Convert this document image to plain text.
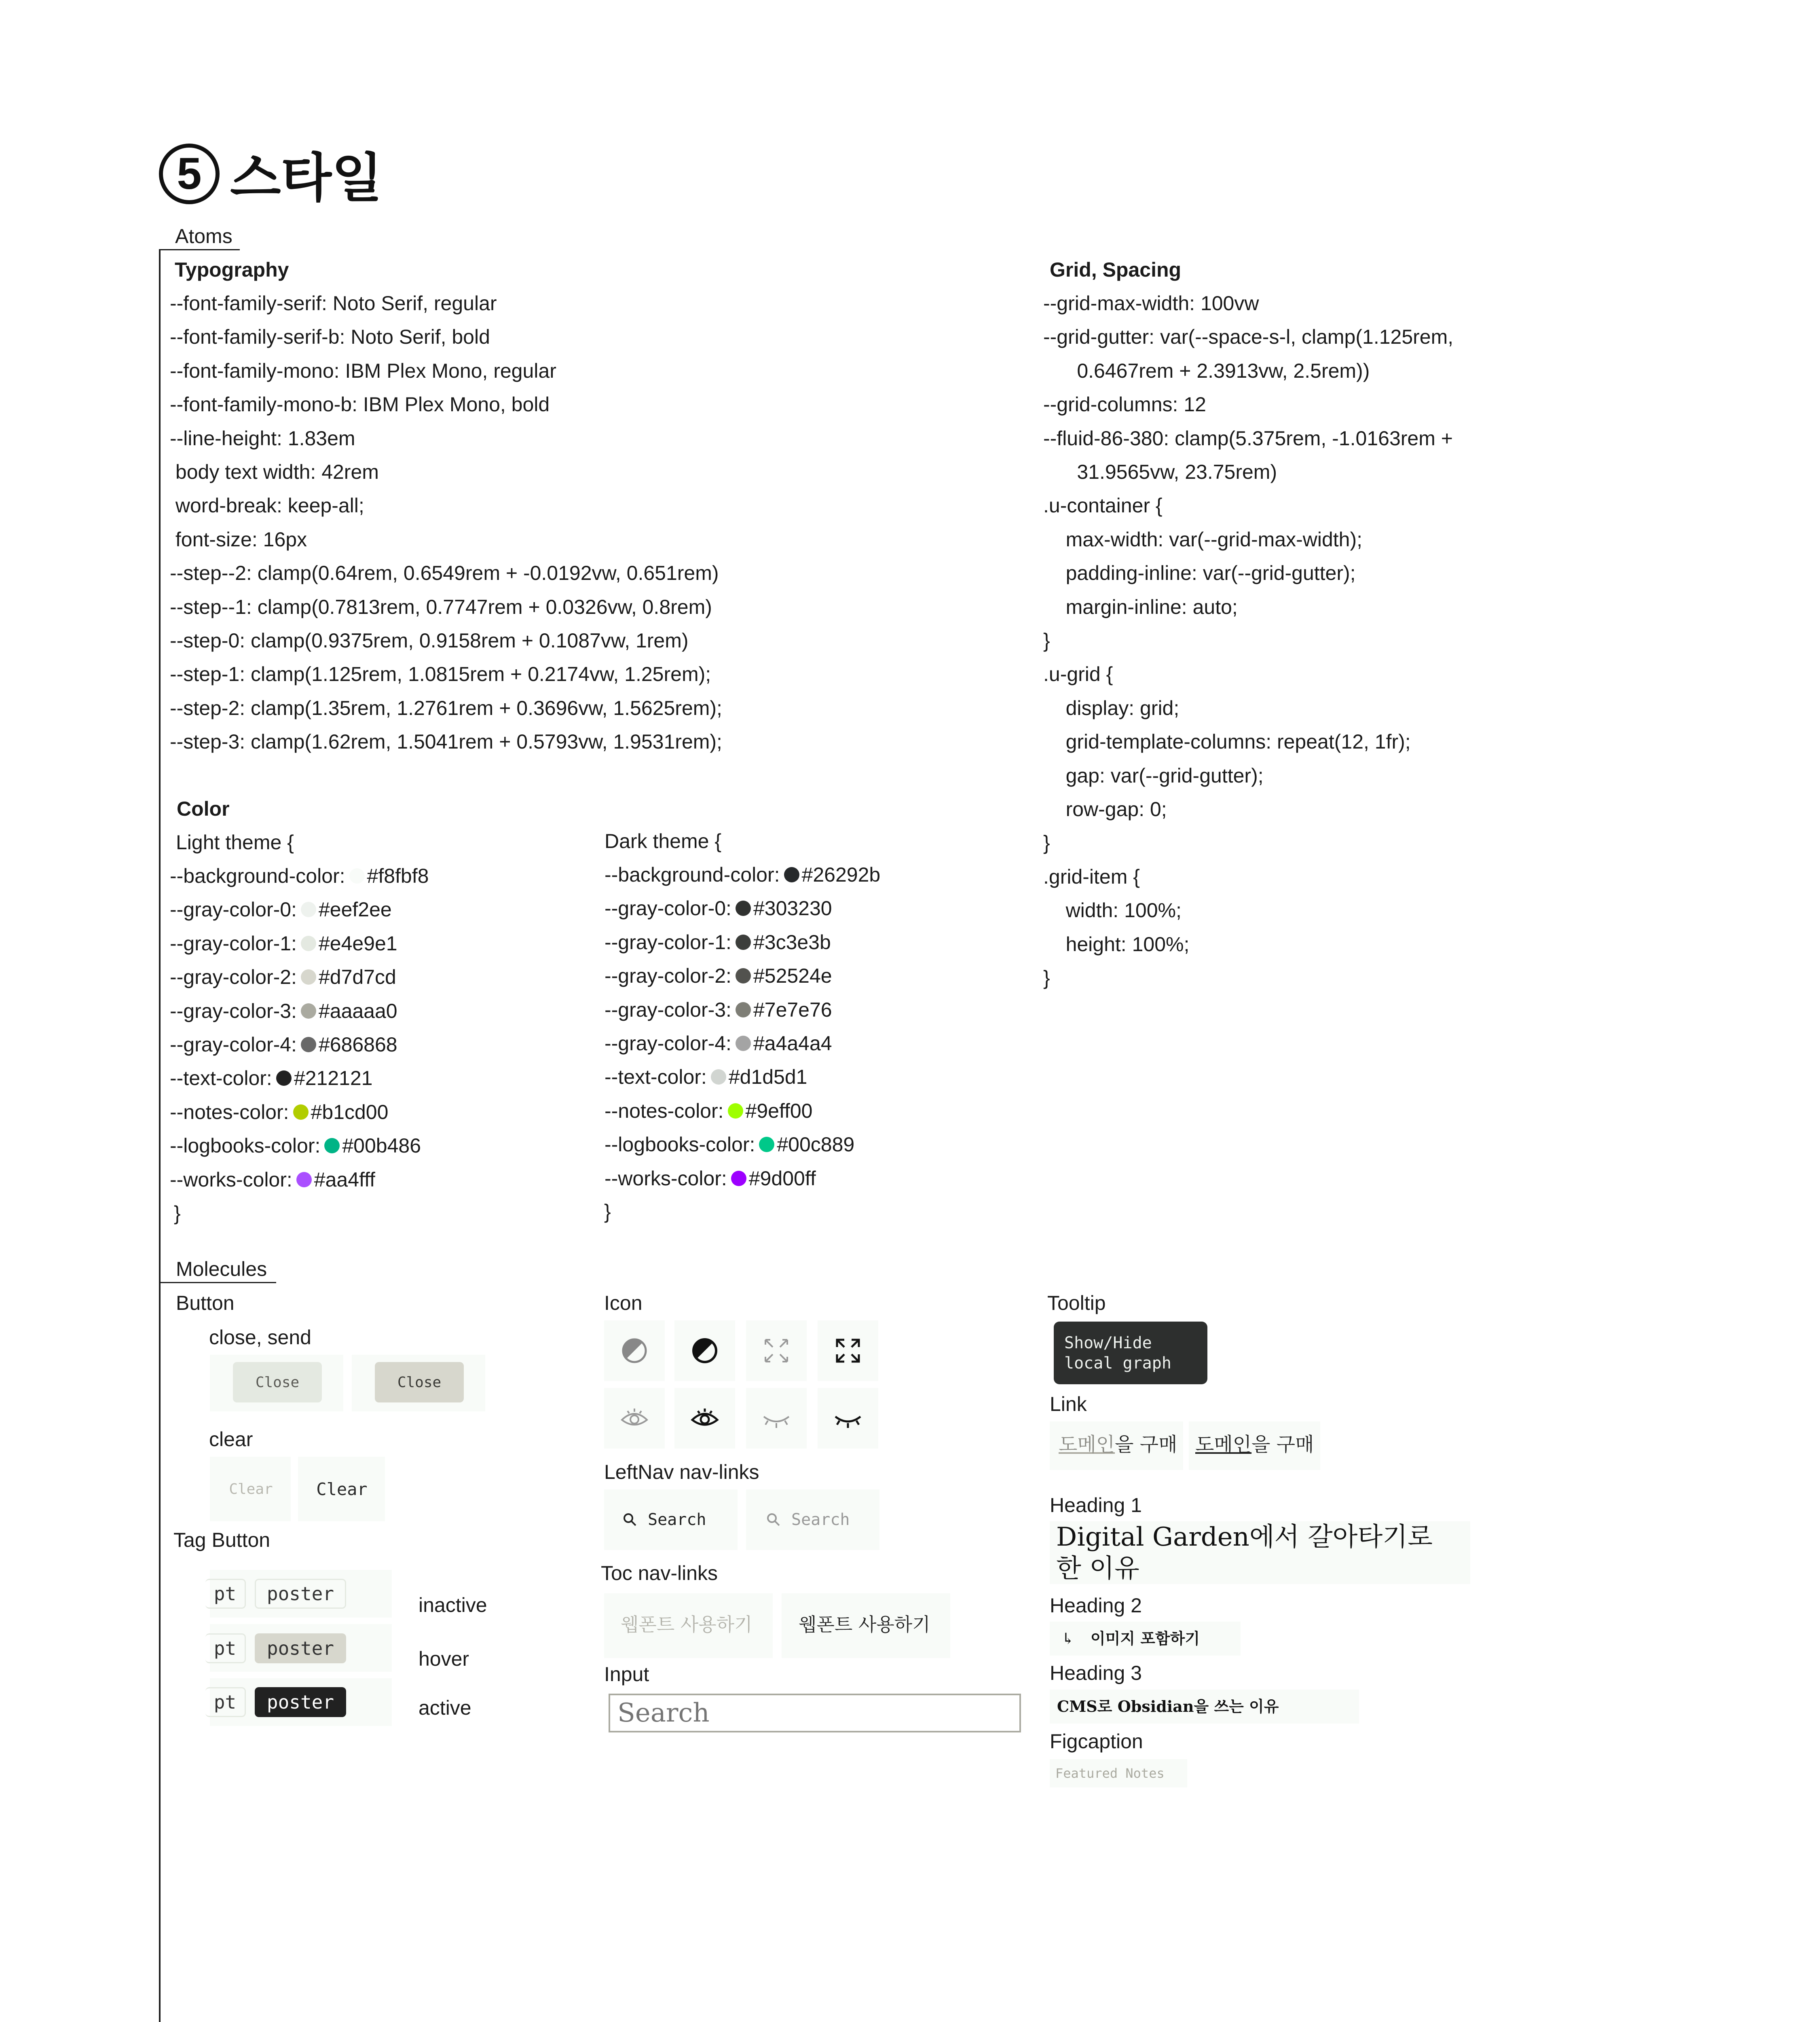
5 스타일
Atoms
Typography
--font-family-serif: Noto Serif, regular
--font-family-serif-b: Noto Serif, bold
--font-family-mono: IBM Plex Mono, regular
--font-family-mono-b: IBM Plex Mono, bold
--line-height: 1.83em
body text width: 42rem
word-break: keep-all;
font-size: 16px
--step--2: clamp(0.64rem, 0.6549rem + -0.0192vw, 0.651rem)
--step--1: clamp(0.7813rem, 0.7747rem + 0.0326vw, 0.8rem)
--step-0: clamp(0.9375rem, 0.9158rem + 0.1087vw, 1rem)
--step-1: clamp(1.125rem, 1.0815rem + 0.2174vw, 1.25rem);
--step-2: clamp(1.35rem, 1.2761rem + 0.3696vw, 1.5625rem);
--step-3: clamp(1.62rem, 1.5041rem + 0.5793vw, 1.9531rem);
Grid, Spacing
--grid-max-width: 100vw
--grid-gutter: var(--space-s-l, clamp(1.125rem,
0.6467rem + 2.3913vw, 2.5rem))
--grid-columns: 12
--fluid-86-380: clamp(5.375rem, -1.0163rem +
31.9565vw, 23.75rem)
.u-container {
max-width: var(--grid-max-width);
padding-inline: var(--grid-gutter);
margin-inline: auto;
}
.u-grid {
display: grid;
grid-template-columns: repeat(12, 1fr);
gap: var(--grid-gutter);
row-gap: 0;
}
.grid-item {
width: 100%;
height: 100%;
}
Color
Light theme {
--background-color: #f8fbf8
--gray-color-0: #eef2ee
--gray-color-1: #e4e9e1
--gray-color-2: #d7d7cd
--gray-color-3: #aaaaa0
--gray-color-4: #686868
--text-color: #212121
--notes-color: #b1cd00
--logbooks-color: #00b486
--works-color: #aa4fff
}
Dark theme {
--background-color: #26292b
--gray-color-0: #303230
--gray-color-1: #3c3e3b
--gray-color-2: #52524e
--gray-color-3: #7e7e76
--gray-color-4: #a4a4a4
--text-color: #d1d5d1
--notes-color: #9eff00
--logbooks-color: #00c889
--works-color: #9d00ff
}
Molecules
Button
close, send
Close	Close
clear
Clear	Clear
Tag Button
pt	poster	inactive
pt	poster	hover
pt	poster	active
Icon
LeftNav nav-links
Search	Search
Toc nav-links
웹폰트 사용하기 웹폰트 사용하기
Input
Search
Tooltip
Show/Hide
local graph
Link
도메인을 구매 도메인을 구매
Heading 1
Digital Garden에서 갈아타기로
한 이유
Heading 2
↳ 이미지 포함하기
Heading 3
CMS로 Obsidian을 쓰는 이유
Figcaption
Featured Notes
